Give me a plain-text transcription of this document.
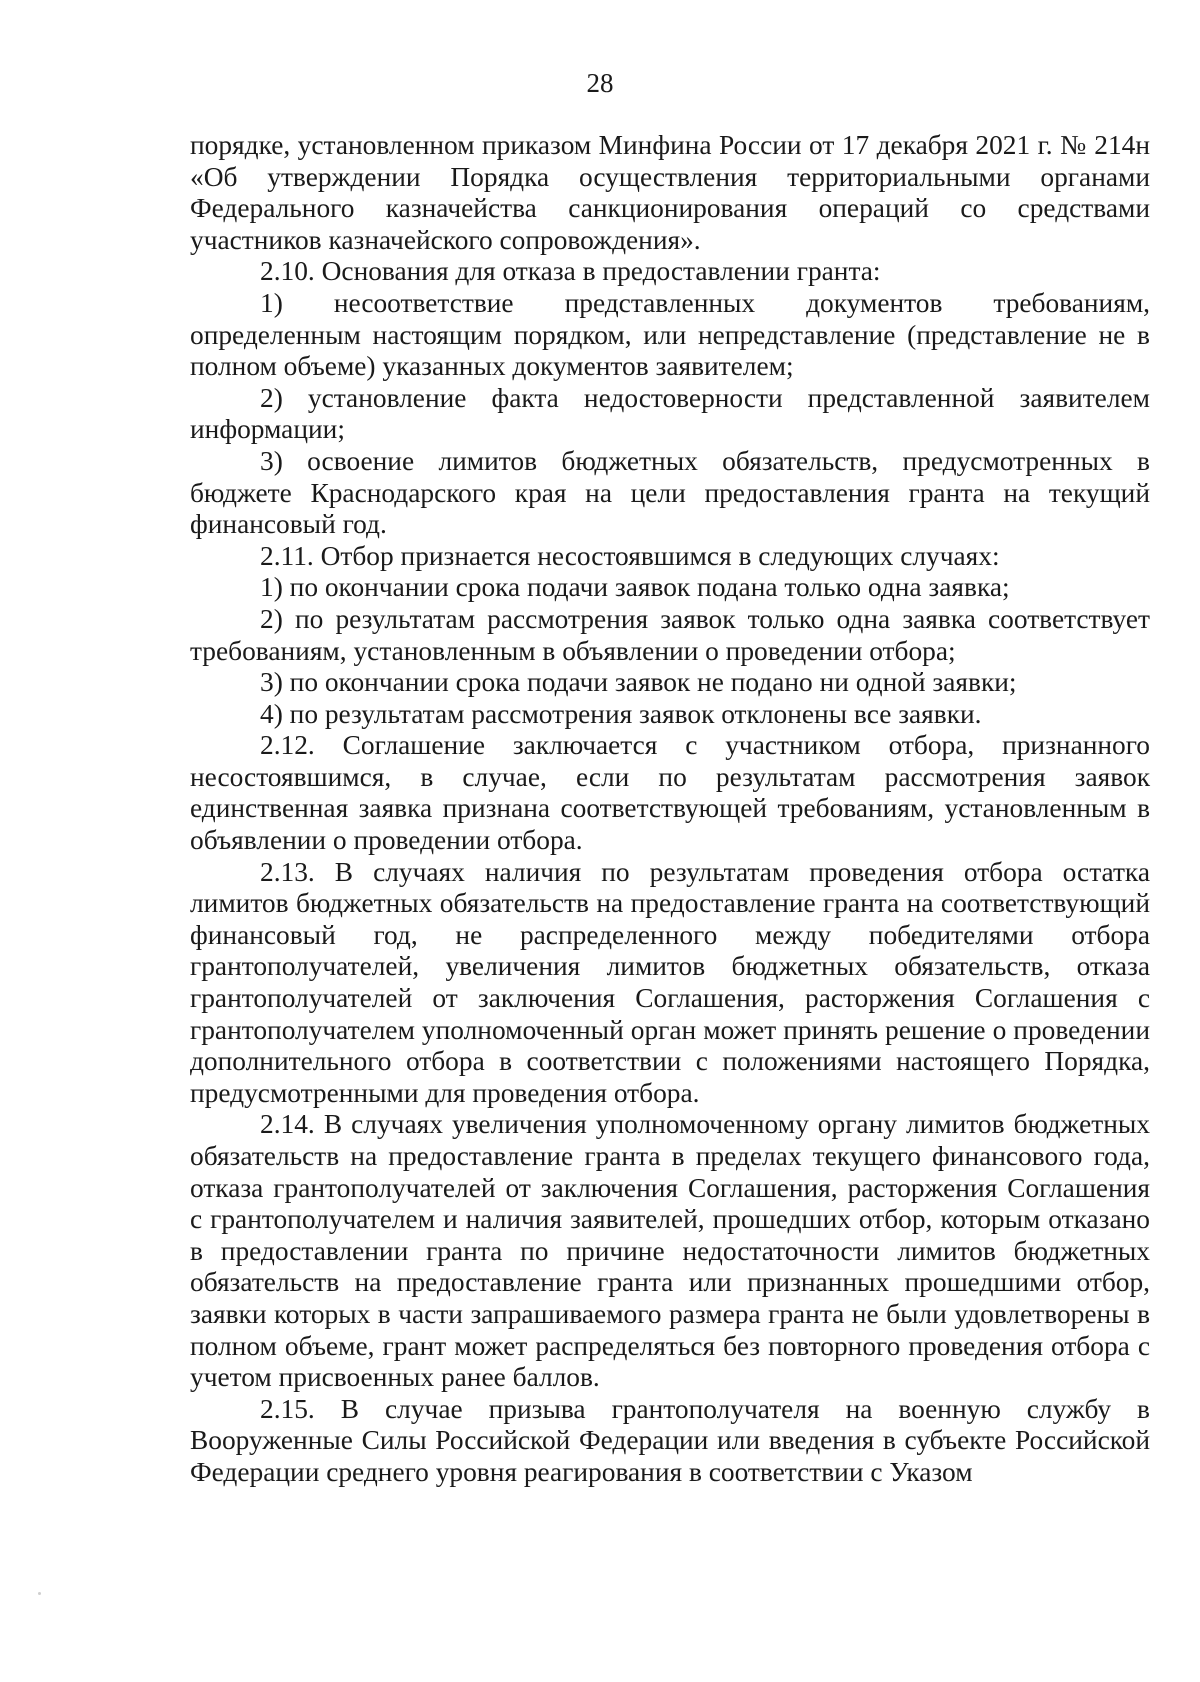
28

порядке, установленном приказом Минфина России от 17 декабря 2021 г. № 214н «Об утверждении Порядка осуществления территориальными органами Федерального казначейства санкционирования операций со средствами участников казначейского сопровождения».

2.10. Основания для отказа в предоставлении гранта:

1) несоответствие представленных документов требованиям, определенным настоящим порядком, или непредставление (представление не в полном объеме) указанных документов заявителем;

2) установление факта недостоверности представленной заявителем информации;

3) освоение лимитов бюджетных обязательств, предусмотренных в бюджете Краснодарского края на цели предоставления гранта на текущий финансовый год.

2.11. Отбор признается несостоявшимся в следующих случаях:

1) по окончании срока подачи заявок подана только одна заявка;

2) по результатам рассмотрения заявок только одна заявка соответствует требованиям, установленным в объявлении о проведении отбора;

3) по окончании срока подачи заявок не подано ни одной заявки;

4) по результатам рассмотрения заявок отклонены все заявки.

2.12. Соглашение заключается с участником отбора, признанного несостоявшимся, в случае, если по результатам рассмотрения заявок единственная заявка признана соответствующей требованиям, установленным в объявлении о проведении отбора.

2.13. В случаях наличия по результатам проведения отбора остатка лимитов бюджетных обязательств на предоставление гранта на соответствующий финансовый год, не распределенного между победителями отбора грантополучателей, увеличения лимитов бюджетных обязательств, отказа грантополучателей от заключения Соглашения, расторжения Соглашения с грантополучателем уполномоченный орган может принять решение о проведении дополнительного отбора в соответствии с положениями настоящего Порядка, предусмотренными для проведения отбора.

2.14. В случаях увеличения уполномоченному органу лимитов бюджетных обязательств на предоставление гранта в пределах текущего финансового года, отказа грантополучателей от заключения Соглашения, расторжения Соглашения с грантополучателем и наличия заявителей, прошедших отбор, которым отказано в предоставлении гранта по причине недостаточности лимитов бюджетных обязательств на предоставление гранта или признанных прошедшими отбор, заявки которых в части запрашиваемого размера гранта не были удовлетворены в полном объеме, грант может распределяться без повторного проведения отбора с учетом присвоенных ранее баллов.

2.15. В случае призыва грантополучателя на военную службу в Вооруженные Силы Российской Федерации или введения в субъекте Российской Федерации среднего уровня реагирования в соответствии с Указом
